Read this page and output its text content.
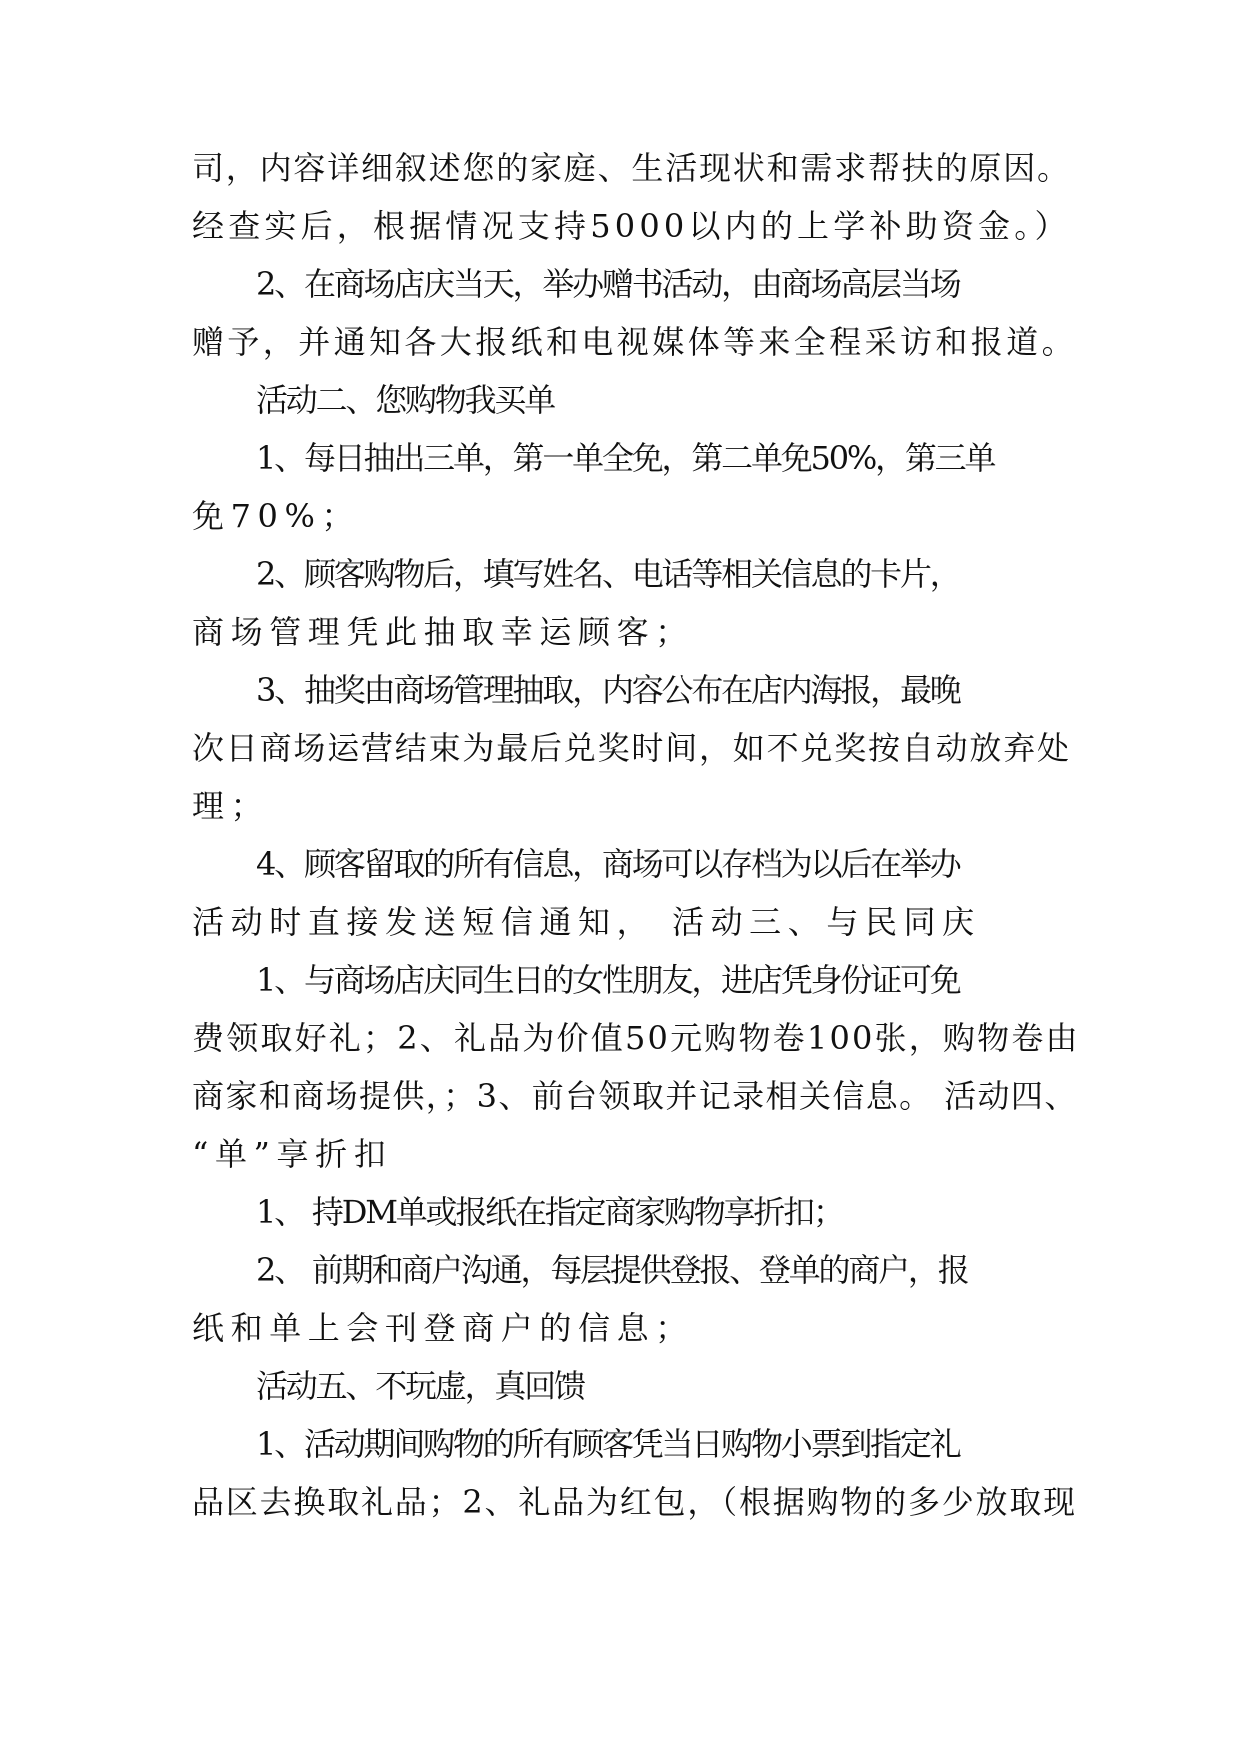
司，内容详细叙述您的家庭、生活现状和需求帮扶的原因。
经查实后，根据情况支持5000以内的上学补助资金。）
2、在商场店庆当天，举办赠书活动，由商场高层当场
赠予，并通知各大报纸和电视媒体等来全程采访和报道。
活动二、您购物我买单
1、每日抽出三单，第一单全免，第二单免50%，第三单
免70%；
2、顾客购物后，填写姓名、电话等相关信息的卡片，
商场管理凭此抽取幸运顾客；
3、抽奖由商场管理抽取，内容公布在店内海报，最晚
次日商场运营结束为最后兑奖时间，如不兑奖按自动放弃处
理；
4、顾客留取的所有信息，商场可以存档为以后在举办
活动时直接发送短信通知， 活动三、与民同庆
1、与商场店庆同生日的女性朋友，进店凭身份证可免
费领取好礼；2、礼品为价值50元购物卷100张，购物卷由
商家和商场提供，；3、前台领取并记录相关信息。 活动四、
“单”享折扣
1、 持DM单或报纸在指定商家购物享折扣；
2、 前期和商户沟通，每层提供登报、登单的商户，报
纸和单上会刊登商户的信息；
活动五、不玩虚，真回馈
1、活动期间购物的所有顾客凭当日购物小票到指定礼
品区去换取礼品；2、礼品为红包，（根据购物的多少放取现
